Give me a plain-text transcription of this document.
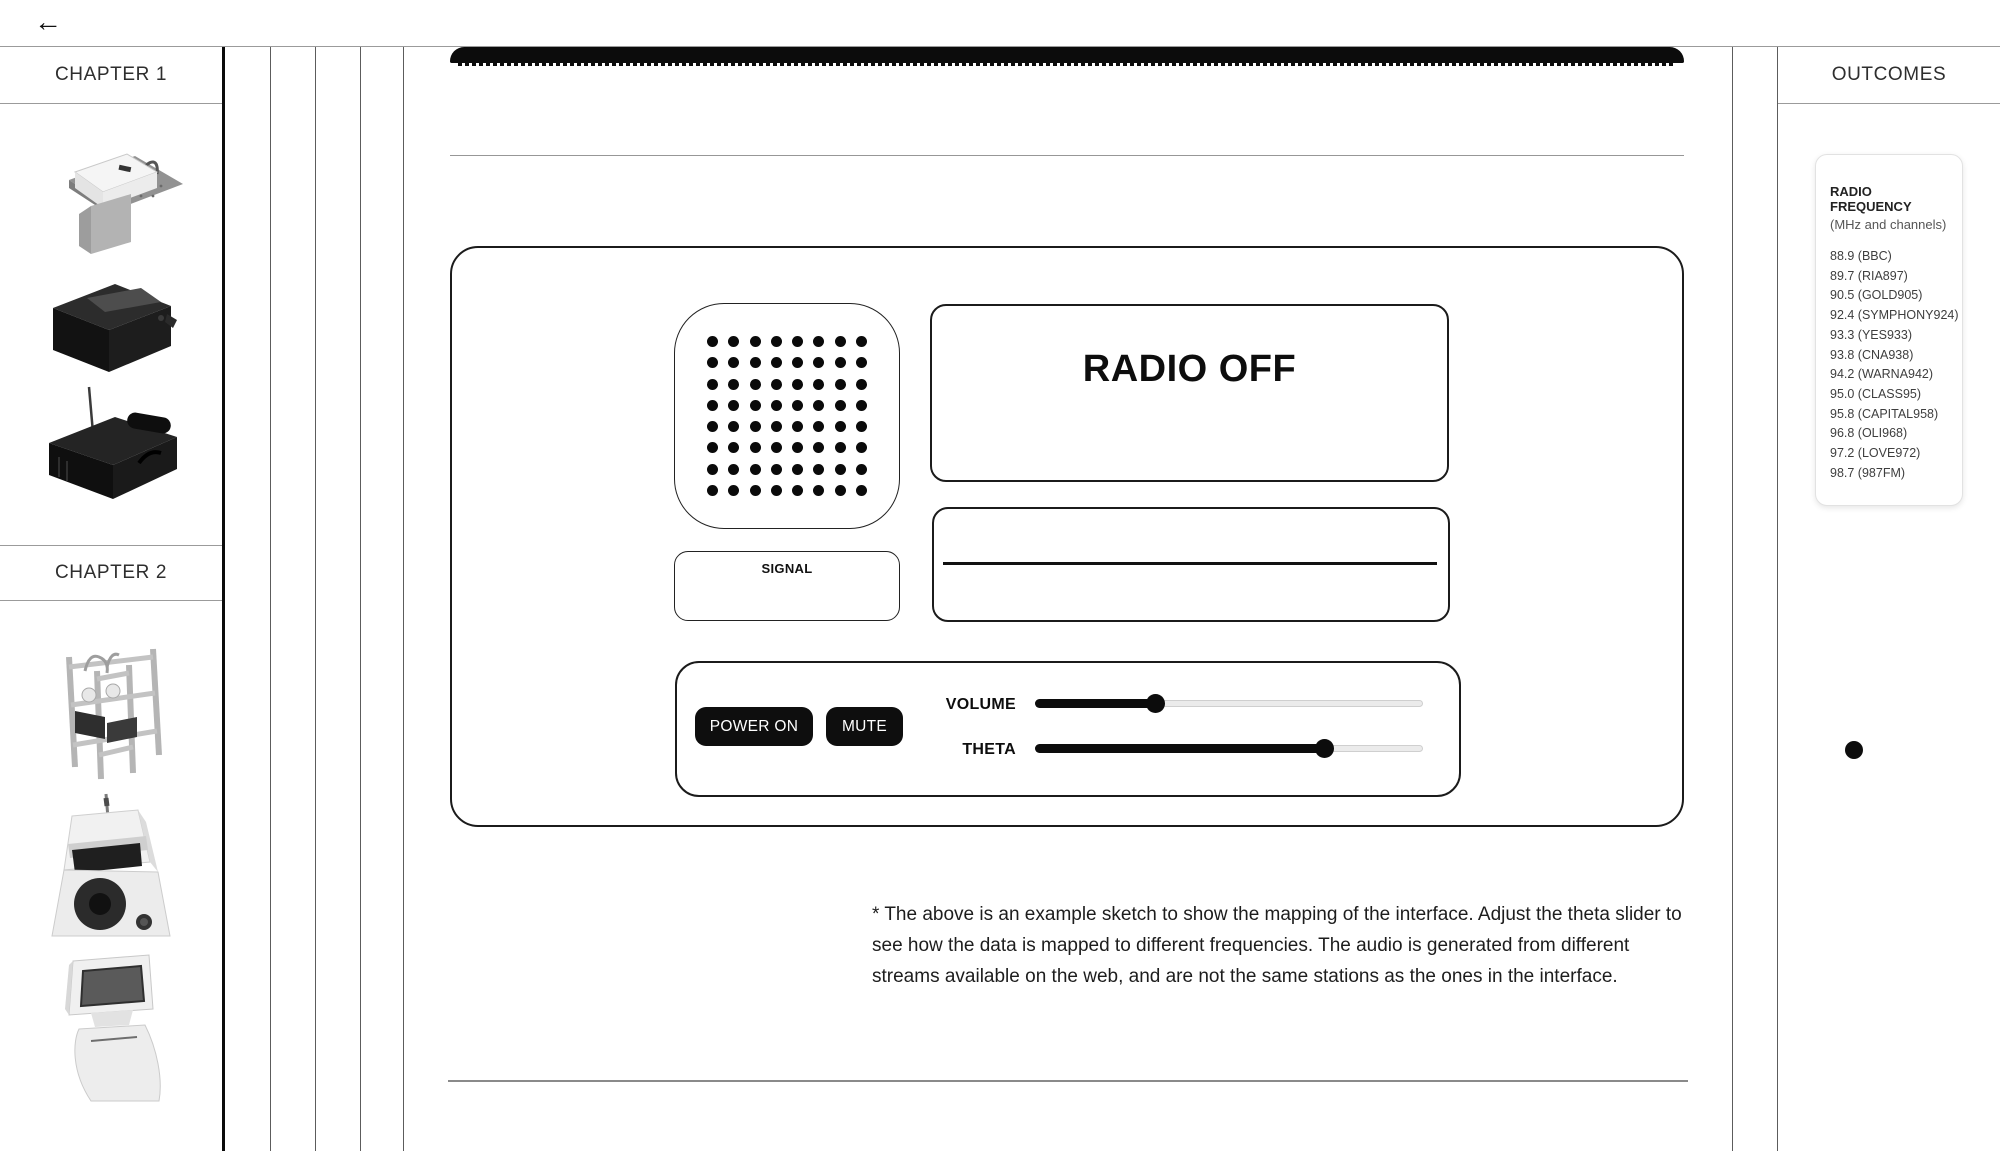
←
CHAPTER 1
CHAPTER 2
RADIO OFF
SIGNAL
POWER ON	MUTE
VOLUME
THETA
* The above is an example sketch to show the mapping of the interface. Adjust the theta slider to see how the data is mapped to different frequencies. The audio is generated from different streams available on the web, and are not the same stations as the ones in the interface.
OUTCOMES
RADIO FREQUENCY
(MHz and channels)
88.9 (BBC)
89.7 (RIA897)
90.5 (GOLD905)
92.4 (SYMPHONY924)
93.3 (YES933)
93.8 (CNA938)
94.2 (WARNA942)
95.0 (CLASS95)
95.8 (CAPITAL958)
96.8 (OLI968)
97.2 (LOVE972)
98.7 (987FM)
